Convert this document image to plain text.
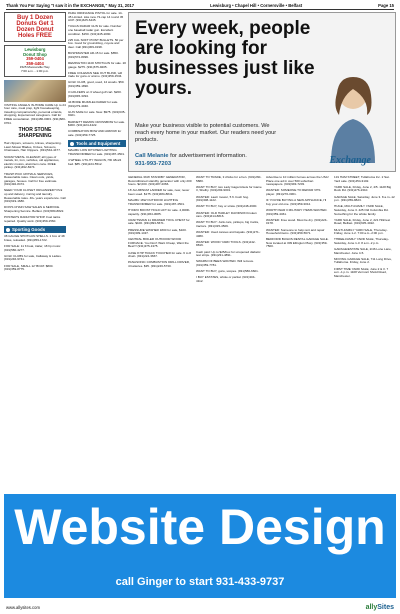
Thank You For Saying "I saw it in the EXCHANGE," May 31, 2017	Lewisburg • Chapel Hill • Cornersville • Belfast	Page 15
Buy 1 Dozen
Donuts Get 1
Dozen Donut
Holes FREE
Lewisburg
Donut Shop
359-0404
359-4404
1525 Mooresville Hwy.
7:00 a.m. - 1:00 p.m.
VISITING ANGELS IN-HOME CARE Up to 24 hour care, meal prep, light housekeeping, traveling companionship, personal errands, shopping, Experienced caregivers. Call for FREE consultation. (931)486-0003. (931)680-0764.
THOR STONE SHARPENING
Hair clippers, scissors, knives, sharpening. Lawn Mower Blades, Knives, Scissors, Chainsaws, Hair Clippers. (931)544-4477.
SCRAP METAL CLEANUP, all types of metals, tin, iron, vehicles, old appliances, electric motors, aluminum cans. FREE pickup. (931)492-8474.
TRASH PICK UP/HAUL SERVICES, Reasonable rates. Clean outs, yards, garages, houses. Call for free estimate. (931)492-8474.
NEED YOUR CLOSET ORGANIZED? Pick up and delivery, ironing and laundry. Reasonable rates. 40+ years experience. Call (931)619-1680.
DON'S CHAIN SAW SALES & SERVICE. Sharpening Service. Belfast. (931)580-8822.
POSTER'S RADIATOR SHOP. Fuel tanks repaired. Quality work. (931)359-1560.
Sporting Goods
38 GAUGE SHOTGUN SHELLS. 1 box of 48 brass, reloaded. (931)359-1722.
FOR SALE: 11 ft boat, trailer, 18 hp motor. (931)580-4277.
GOLF CLUBS for sale, Callaway & Ladies. (931)246-9741.
FOR SALE, SMALL 12' BOAT. $800. (931)359-8775.
PARA ORDNANCE PISTOL for sale. 14-45 Limited. Like new. Hi-cap 14 round 45 ACP. (931)625-6445.
TUGGS RADAR GUN for sale. Number one baseball radar gun. Excellent condition. $150. (931)345-2090.
225 CAL SOFT POINT BULLETS. 50 per box. Good for ground/dog, coyote and deer. Call (931)309-0198.
BUSHMASTER AR-15 for sale. $850. (931)572-8096.
REMINGTON 1100 SHOTGUN for sale. 20 gauge. $275. (931)675-9205.
FREE COLEMAN SEE OUT BLIND, will trade for guns or ammo. (931)359-1534.
GOLF CLUB, good, used, 14 woods. $50. (931)359-1890.
3 GOLFERS on 3 wheel golf cart. $200. (931)845-3394.
44 BORE MUZZLELOADER for sale. (931)279-4040.
GUN SAFE for sale. New. $975. (931)635-9021.
BARNETT DEMON CROSSBOW for sale. $300. (931)224-4422.
COMBINATION BOW AND ARROW for sale. (931)359-7725.
Tools and Equipment
MALIBU LOW DITCHER LIGHTING TRANSFORMER for sale. (931)487-4501.
4 WHEEL UTILITY WAGON, HD 48x24 bed. $85. (931)224-5512.
Every week, people are looking for businesses just like yours.
Make your business visible to potential customers. We reach every home in your market. Our readers need your products.
Call Melanie for advertisement information.
931-993-7203	Exchange
GENERAL 3KW STANDBY GENERATOR, Reconditioned standby generator with only 200 hours. $2,000. (931)287-2066.
16' ALUMINUM LADDER for sale, new, never been used. $175. (931)684-8841.
MALIBU 16W OUTDOOR LIGHTING TRANSFORMER for sale. (931)487-4501.
HYDRO BOOST HOLD LIFT for sale. 4,000lb. capacity. (931)364-3085.
CRAFTSMAN 11 DRAWER TOOL CHEST for sale. $100. (931)993-5671.
PRESSURE WASHER 1800 for sale, $100. (931)309-1437.
CENTRAL BOILER OUTDOOR WOOD FURNACE. You Don't Want Cheap, Want the Best!!! (931)375-1375.
CASE 8 HP TRACK TOUCHER for sale. 6 to 8 chain. (931)224-3667.
PANASONIC COMBUSTION DRILL DRIVER, 4 batteries. $35. (931)246-5730.
WANT TO TRADE, 3 chicks for a hen. (931)260-5880.
WANT TO BUY, two Lady Gaga tickets for Game 3, Shelby. (931)293-9001.
WANTED: Lawn mower, 5 ft. bush hog. (931)308-1122.
WANT TO BUY, hay or straw. (931)248-4600.
WANTED: OLD HARLEY DAVIDSON broken cars. (931)614-8816.
WANT TO BUY: Junk cars, pickups, big trucks, tractors. (931)315-4509.
WANTED: Used canoes and kayaks. (931)271-4380.
WANTED: WOOD YARD TOOLS. (931)242-8816.
Cash paid: Up to $25/box for unopened diabetic test strips. (931)231-4891.
SWARM OF BEES WANTED. Will remove. (931)359-7781.
WANT TO BUY, guns, scopes. (931)580-6601.
I BUY ESTATES, whole or partial. (931)304-4112.
Advertise to 10 million homes across the USA! Place one ad in over 500 suburban newspapers. (931)993-7203.
WANTED: SOMEONE TO REPAIR VHS player. (931)270-3301.
IF YOU'RE BUYING A NEW APPLIANCE, I'll buy your old one. (931)359-3012.
WORTH WAR II MILITARY ITEMS WANTED. (931)359-4461.
WANTED: Free wood. Must be dry. (931)224-0178.
WANTED: Someone to help rent and repair Household items. (931)359-5671.
BEDFORD BUILDS RENTAL GARAGE SALE. Now located at 309 Ellington Pkwy. (931)359-7500.
131 HAM STREET, Tullahoma Inc. 2 Sat. Yard sale. (931)454-3102.
YARD SALE, Friday, June 2, 4/5. 1128 Big Rock Rd. (931)276-2310.
GARAGE SALE, Saturday, June 3. 8 a.m.-12 p.m. (931)359-8823.
HUGE, MULTI-FAMILY YARD SALE, Saturday, June 3. 425 Old Columbia Rd. Something for the whole family.
YARD SALE, Friday, June 2, 221 Hillcrest Road, Belfast. (931)635-4022.
MULTI-FAMILY YARD SALE, Thursday-Friday, June 1-2. 7:00 a.m.-2:00 p.m.
THREE-FAMILY YARD SALE, Thursday-Saturday, June 1-3. 8 a.m.-2 p.m.
GARAGE/ESTATE SALE, 2/46 Lone Lane, Manchester. June 4-5.
MOVING GARAGE SALE, 711 Long Drive, Tullahoma. Friday, June 2.
FIRST TIME YARD SALE, June 2 & 3. 7 a.m.-1 p.m. 1108 Vermont Shold Road, Manchester.
Website Design
call Ginger to start 931-433-9737
www.allysites.com	allySites
